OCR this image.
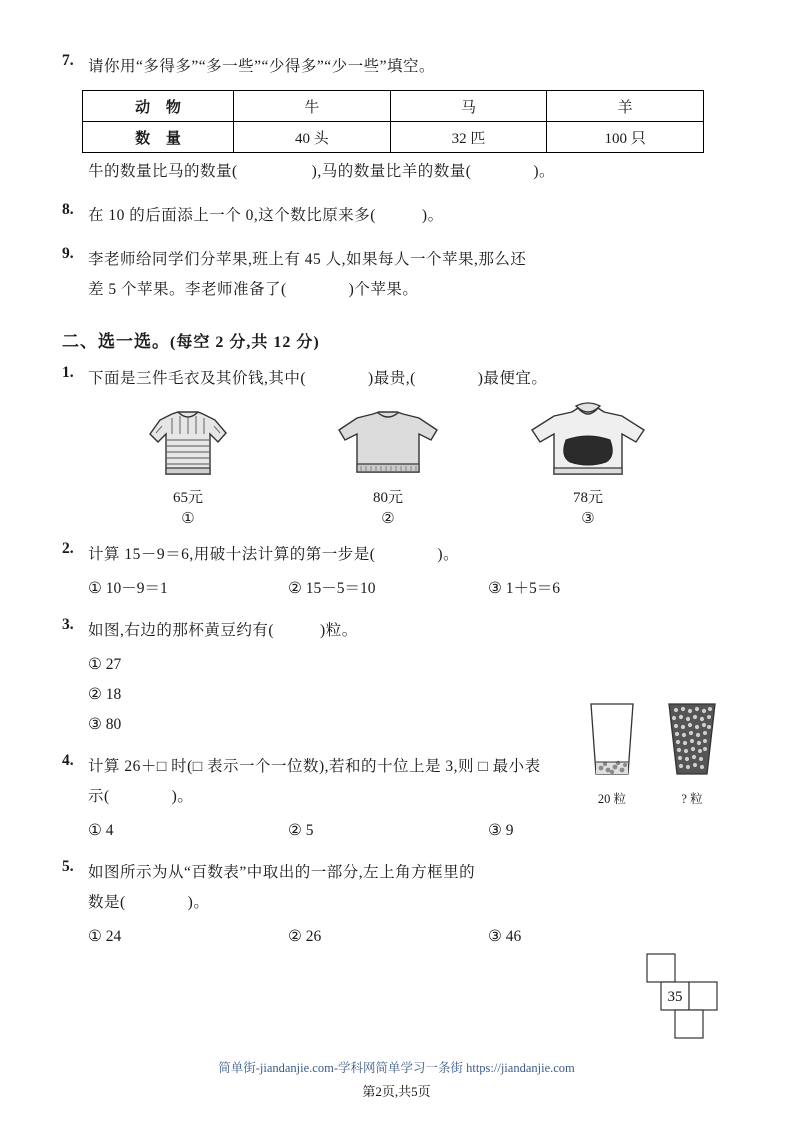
7. 请你用“多得多”“多一些”“少得多”“少一些”填空。
动 物	牛	马	羊
数 量	40 头	32 匹	100 只
牛的数量比马的数量(	),马的数量比羊的数量(	)。
8. 在 10 的后面添上一个 0,这个数比原来多(	)。
9. 李老师给同学们分苹果,班上有 45 人,如果每人一个苹果,那么还
差 5 个苹果。李老师准备了(	)个苹果。
二、选一选。(每空 2 分,共 12 分)
1. 下面是三件毛衣及其价钱,其中(	)最贵,(	)最便宜。
65元
①
80元
②
78元
③
2. 计算 15－9＝6,用破十法计算的第一步是(	)。
① 10－9＝1	② 15－5＝10	③ 1＋5＝6
3. 如图,右边的那杯黄豆约有(	)粒。
① 27
② 18
③ 80
20 粒	? 粒
4. 计算 26＋□ 时(□ 表示一个一位数),若和的十位上是 3,则 □ 最小表
示(	)。
① 4	② 5	③ 9
5. 如图所示为从“百数表”中取出的一部分,左上角方框里的
数是(	)。
① 24	② 26	③ 46
35
简单街-jiandanjie.com-学科网简单学习一条街 https://jiandanjie.com
第2页,共5页
